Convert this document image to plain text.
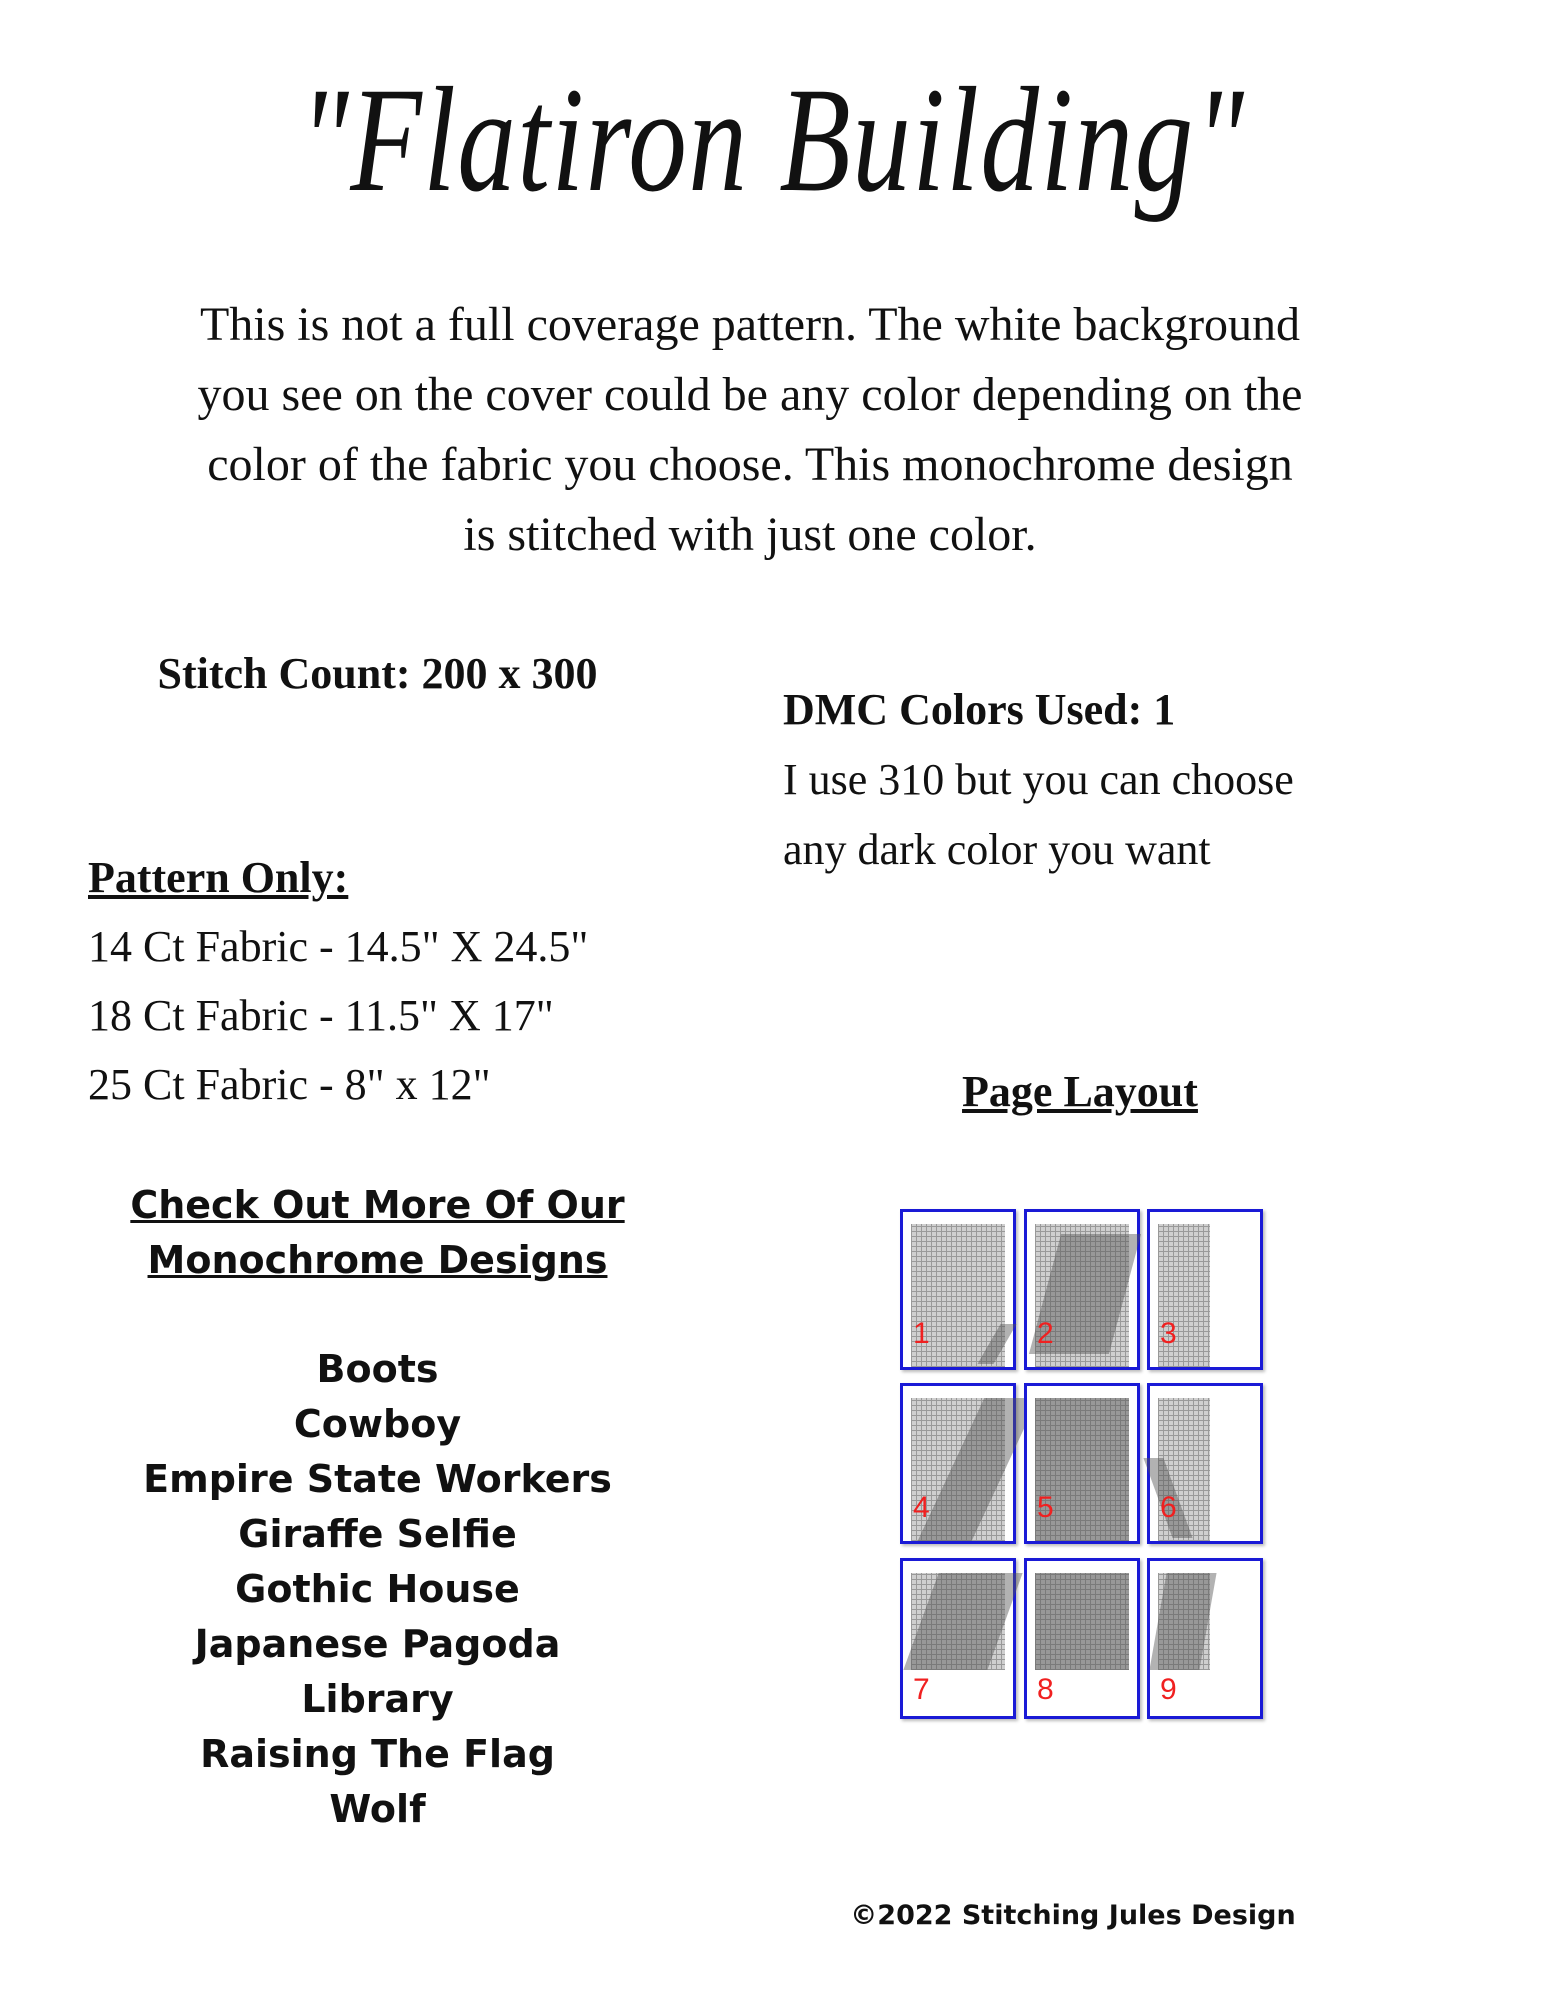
"Flatiron Building"
This is not a full coverage pattern. The white background
you see on the cover could be any color depending on the
color of the fabric you choose. This monochrome design
is stitched with just one color.
Stitch Count: 200 x 300
DMC Colors Used: 1
I use 310 but you can choose
any dark color you want
Pattern Only:
14 Ct Fabric - 14.5" X 24.5"
18 Ct Fabric - 11.5" X 17"
25 Ct Fabric - 8" x 12"	Page Layout
1	2	3
4	5	6
7	8	9
Check Out More Of Our
Monochrome Designs
Boots
Cowboy
Empire State Workers
Giraffe Selfie
Gothic House
Japanese Pagoda
Library
Raising The Flag
Wolf
©2022 Stitching Jules Design
